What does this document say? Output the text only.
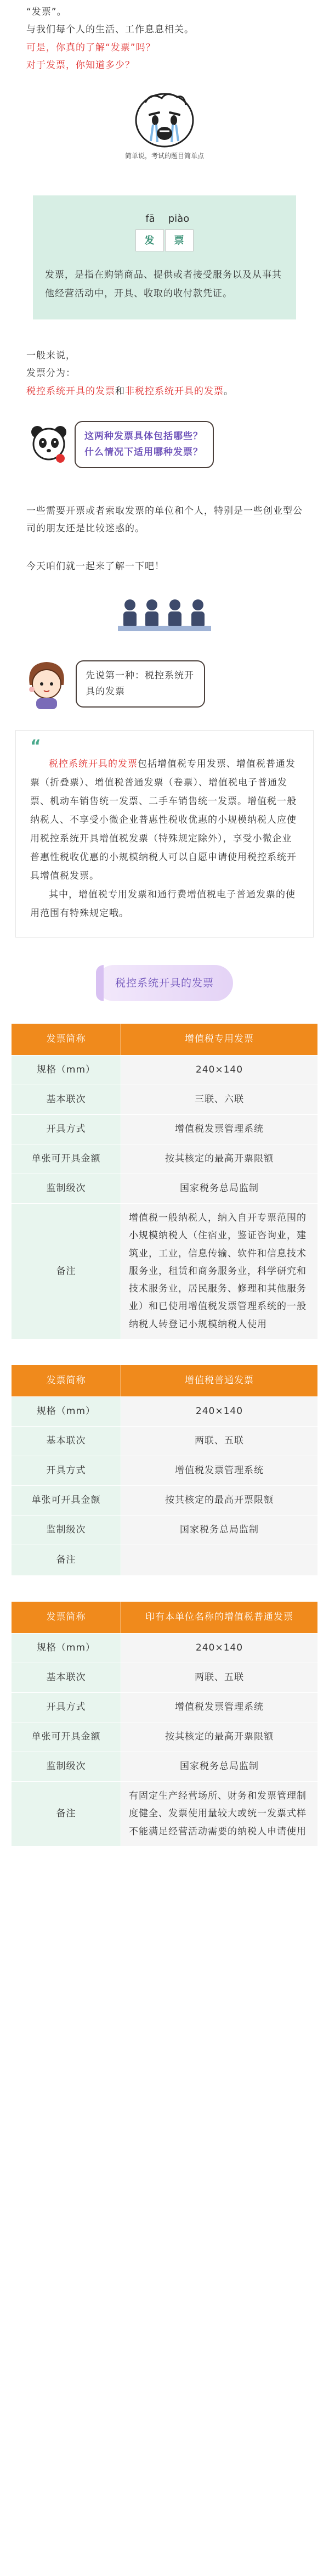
“发票”。
与我们每个人的生活、工作息息相关。
可是，你真的了解“发票”吗？
对于发票，你知道多少？
简单说，考试的题目简单点
fā	piào
发	票
发票，是指在购销商品、提供或者接受服务以及从事其他经营活动中，开具、收取的收付款凭证。
一般来说，
发票分为：
税控系统开具的发票和非税控系统开具的发票。
这两种发票具体包括哪些？什么情况下适用哪种发票？
一些需要开票或者索取发票的单位和个人，特别是一些创业型公司的朋友还是比较迷惑的。
今天咱们就一起来了解一下吧！
先说第一种：税控系统开具的发票
“

税控系统开具的发票包括增值税专用发票、增值税普通发票（折叠票）、增值税普通发票（卷票）、增值税电子普通发票、机动车销售统一发票、二手车销售统一发票。增值税一般纳税人、不享受小微企业普惠性税收优惠的小规模纳税人应使用税控系统开具增值税发票（特殊规定除外），享受小微企业普惠性税收优惠的小规模纳税人可以自愿申请使用税控系统开具增值税发票。

其中，增值税专用发票和通行费增值税电子普通发票的使用范围有特殊规定哦。

税控系统开具的发票
发票简称	增值税专用发票
规格（mm）	240×140
基本联次	三联、六联
开具方式	增值税发票管理系统
单张可开具金额	按其核定的最高开票限额
监制级次	国家税务总局监制
备注	增值税一般纳税人，纳入自开专票范围的小规模纳税人（住宿业，鉴证咨询业，建筑业，工业，信息传输、软件和信息技术服务业，租赁和商务服务业，科学研究和技术服务业，居民服务、修理和其他服务业）和已使用增值税发票管理系统的一般纳税人转登记小规模纳税人使用
发票简称	增值税普通发票
规格（mm）	240×140
基本联次	两联、五联
开具方式	增值税发票管理系统
单张可开具金额	按其核定的最高开票限额
监制级次	国家税务总局监制
备注	
发票简称	印有本单位名称的增值税普通发票
规格（mm）	240×140
基本联次	两联、五联
开具方式	增值税发票管理系统
单张可开具金额	按其核定的最高开票限额
监制级次	国家税务总局监制
备注	有固定生产经营场所、财务和发票管理制度健全、发票使用量较大或统一发票式样不能满足经营活动需要的纳税人申请使用
